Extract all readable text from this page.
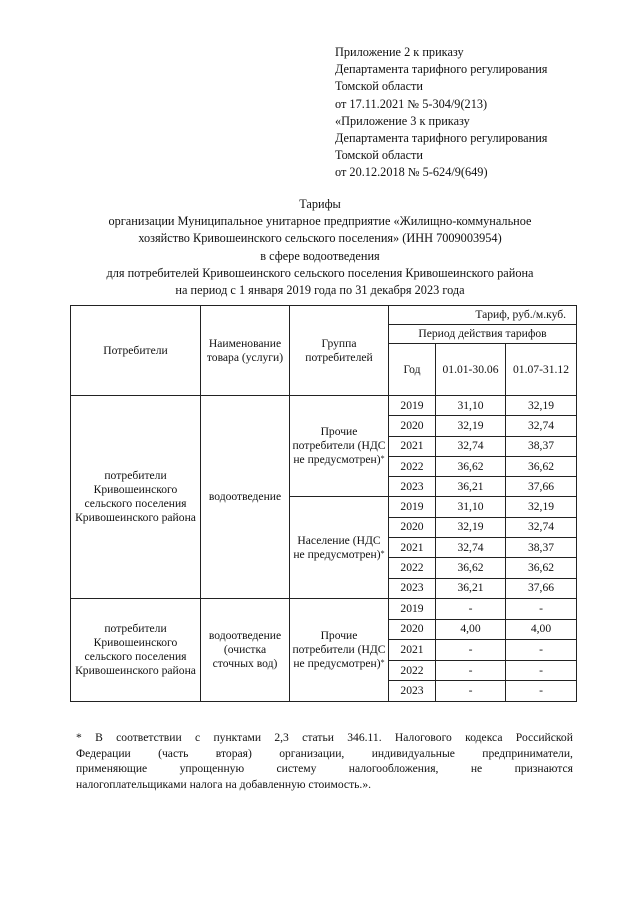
Приложение 2 к приказу
Департамента тарифного регулирования
Томской области
от 17.11.2021 № 5-304/9(213)
«Приложение 3 к приказу
Департамента тарифного регулирования
Томской области
от 20.12.2018 № 5-624/9(649)
Тарифы
организации Муниципальное унитарное предприятие «Жилищно-коммунальное
хозяйство Кривошеинского сельского поселения» (ИНН 7009003954)
в сфере водоотведения
для потребителей Кривошеинского сельского поселения Кривошеинского района
на период с 1 января 2019 года по 31 декабря 2023 года
Потребители	Наименование товара (услуги)	Группа потребителей	Тариф, руб./м.куб.		
			Период действия тарифов		
			Год	01.01-30.06	01.07-31.12
потребители Кривошеинского сельского поселения Кривошеинского района	водоотведение	Прочие потребители (НДС не предусмотрен)*	2019	31,10	32,19
			2020	32,19	32,74
			2021	32,74	38,37
			2022	36,62	36,62
			2023	36,21	37,66
		Население (НДС не предусмотрен)*	2019	31,10	32,19
			2020	32,19	32,74
			2021	32,74	38,37
			2022	36,62	36,62
			2023	36,21	37,66
потребители Кривошеинского сельского поселения Кривошеинского района	водоотведение (очистка сточных вод)	Прочие потребители (НДС не предусмотрен)*	2019	-	-
			2020	4,00	4,00
			2021	-	-
			2022	-	-
			2023	-	-
* В соответствии с пунктами 2,3 статьи 346.11. Налогового кодекса Российской
Федерации (часть вторая) организации, индивидуальные предприниматели,
применяющие	упрощенную	систему	налогообложения,	не	признаются
налогоплательщиками налога на добавленную стоимость.».
